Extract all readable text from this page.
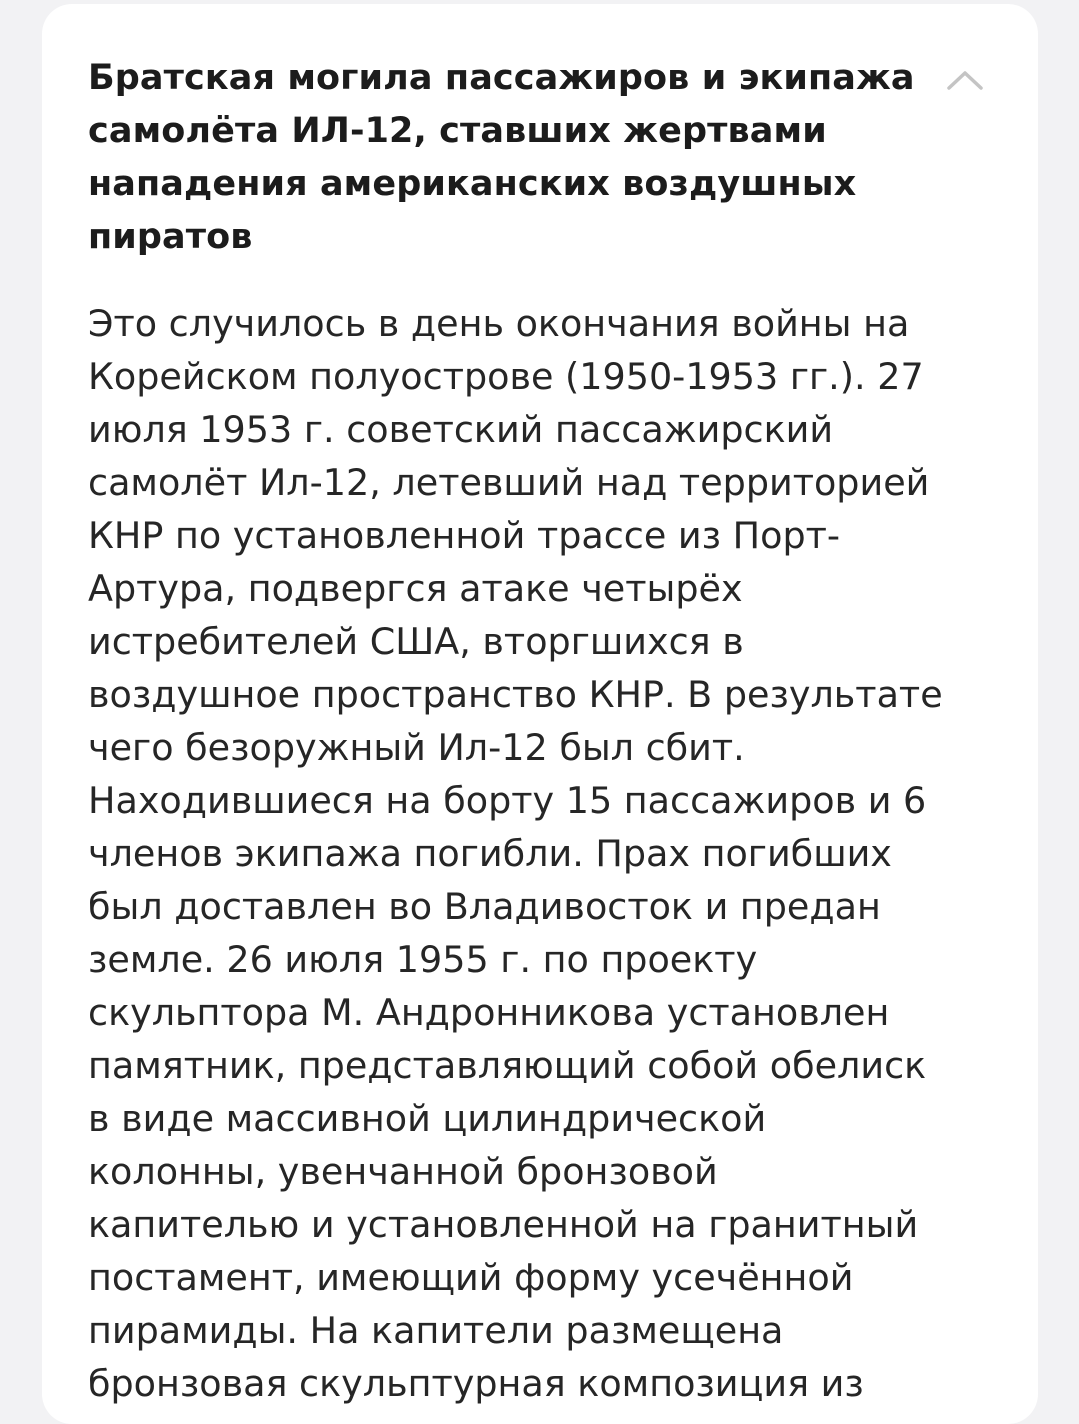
Братская могила пассажиров и экипажа самолёта ИЛ-12, ставших жертвами нападения американских воздушных пиратов

Это случилось в день окончания войны на
Корейском полуострове (1950-1953 гг.). 27
июля 1953 г. советский пассажирский
самолёт Ил-12, летевший над территорией
КНР по установленной трассе из Порт-
Артура, подвергся атаке четырёх
истребителей США, вторгшихся в
воздушное пространство КНР. В результате
чего безоружный Ил-12 был сбит.
Находившиеся на борту 15 пассажиров и 6
членов экипажа погибли. Прах погибших
был доставлен во Владивосток и предан
земле. 26 июля 1955 г. по проекту
скульптора М. Андронникова установлен
памятник, представляющий собой обелиск
в виде массивной цилиндрической
колонны, увенчанной бронзовой
капителью и установленной на гранитный
постамент, имеющий форму усечённой
пирамиды. На капители размещена
бронзовая скульптурная композиция из
